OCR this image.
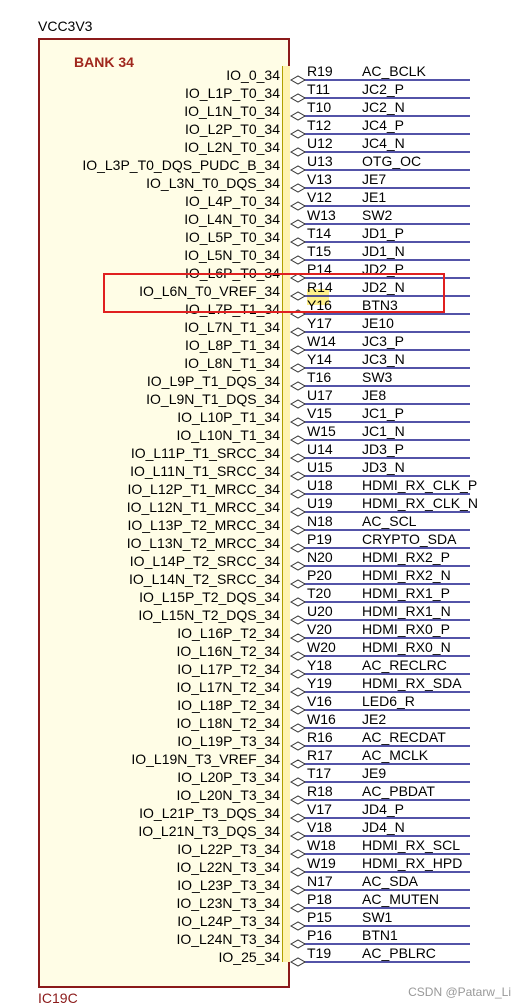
VCC3V3
BANK 34
IO_0_34 R19 AC_BCLK
IO_L1P_T0_34 T11 JC2_P
IO_L1N_T0_34 T10 JC2_N
IO_L2P_T0_34 T12 JC4_P
IO_L2N_T0_34 U12 JC4_N
IO_L3P_T0_DQS_PUDC_B_34 U13 OTG_OC
IO_L3N_T0_DQS_34 V13 JE7
IO_L4P_T0_34 V12 JE1
IO_L4N_T0_34 W13 SW2
IO_L5P_T0_34 T14 JD1_P
IO_L5N_T0_34 T15 JD1_N
IO_L6P_T0_34 P14 JD2_P
IO_L6N_T0_VREF_34 R14 JD2_N
IO_L7P_T1_34 Y16 BTN3
IO_L7N_T1_34 Y17 JE10
IO_L8P_T1_34 W14 JC3_P
IO_L8N_T1_34 Y14 JC3_N
IO_L9P_T1_DQS_34 T16 SW3
IO_L9N_T1_DQS_34 U17 JE8
IO_L10P_T1_34 V15 JC1_P
IO_L10N_T1_34 W15 JC1_N
IO_L11P_T1_SRCC_34 U14 JD3_P
IO_L11N_T1_SRCC_34 U15 JD3_N
IO_L12P_T1_MRCC_34 U18 HDMI_RX_CLK_P
IO_L12N_T1_MRCC_34 U19 HDMI_RX_CLK_N
IO_L13P_T2_MRCC_34 N18 AC_SCL
IO_L13N_T2_MRCC_34 P19 CRYPTO_SDA
IO_L14P_T2_SRCC_34 N20 HDMI_RX2_P
IO_L14N_T2_SRCC_34 P20 HDMI_RX2_N
IO_L15P_T2_DQS_34 T20 HDMI_RX1_P
IO_L15N_T2_DQS_34 U20 HDMI_RX1_N
IO_L16P_T2_34 V20 HDMI_RX0_P
IO_L16N_T2_34 W20 HDMI_RX0_N
IO_L17P_T2_34 Y18 AC_RECLRC
IO_L17N_T2_34 Y19 HDMI_RX_SDA
IO_L18P_T2_34 V16 LED6_R
IO_L18N_T2_34 W16 JE2
IO_L19P_T3_34 R16 AC_RECDAT
IO_L19N_T3_VREF_34 R17 AC_MCLK
IO_L20P_T3_34 T17 JE9
IO_L20N_T3_34 R18 AC_PBDAT
IO_L21P_T3_DQS_34 V17 JD4_P
IO_L21N_T3_DQS_34 V18 JD4_N
IO_L22P_T3_34 W18 HDMI_RX_SCL
IO_L22N_T3_34 W19 HDMI_RX_HPD
IO_L23P_T3_34 N17 AC_SDA
IO_L23N_T3_34 P18 AC_MUTEN
IO_L24P_T3_34 P15 SW1
IO_L24N_T3_34 P16 BTN1
IO_25_34 T19 AC_PBLRC
IC19C	CSDN @Patarw_Li
